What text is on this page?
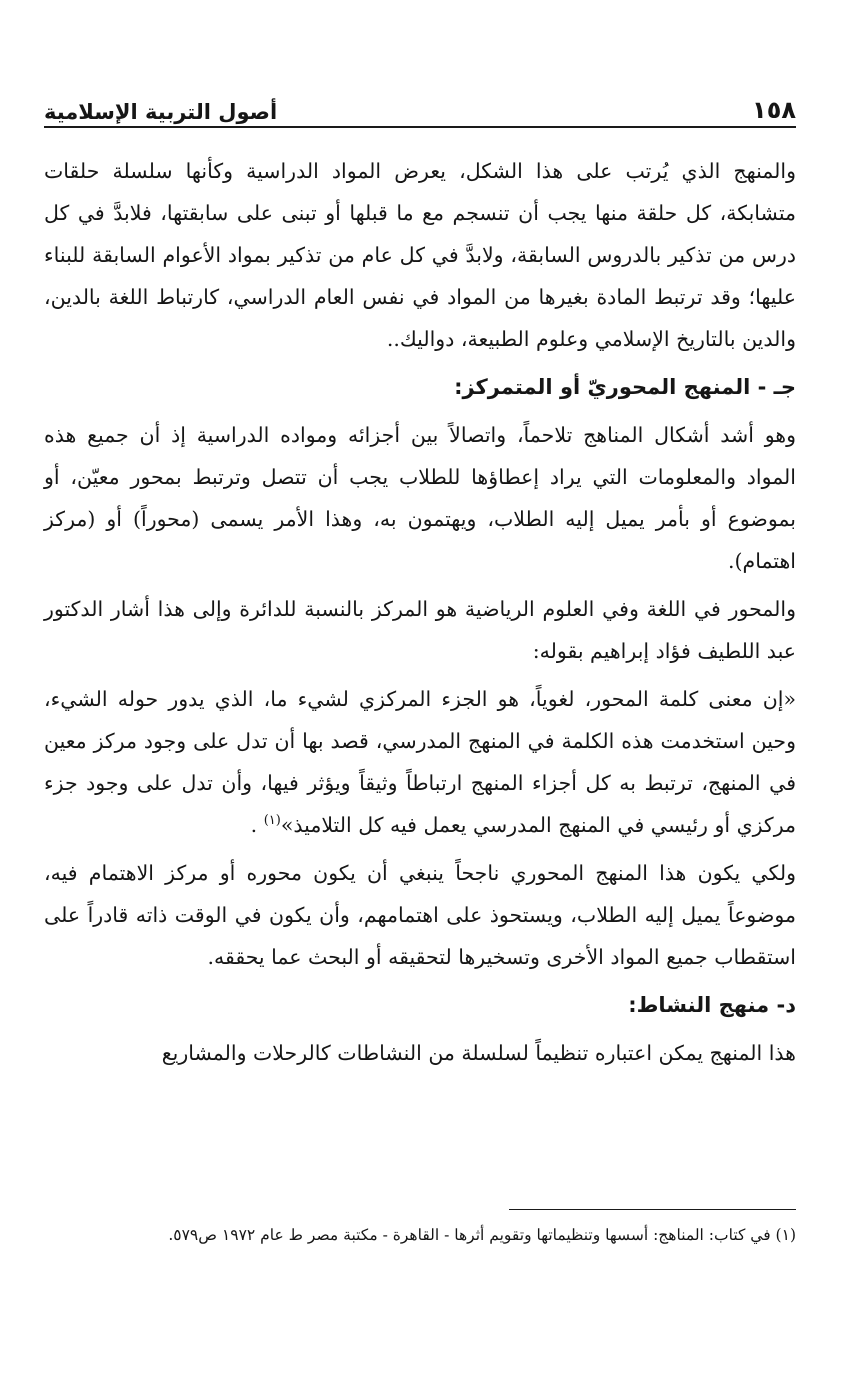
١٥٨
أصول التربية الإسلامية

والمنهج الذي يُرتب على هذا الشكل، يعرض المواد الدراسية وكأنها سلسلة حلقات متشابكة، كل حلقة منها يجب أن تنسجم مع ما قبلها أو تبنى على سابقتها، فلابدَّ في كل درس من تذكير بالدروس السابقة، ولابدَّ في كل عام من تذكير بمواد الأعوام السابقة للبناء عليها؛ وقد ترتبط المادة بغيرها من المواد في نفس العام الدراسي، كارتباط اللغة بالدين، والدين بالتاريخ الإسلامي وعلوم الطبيعة، دواليك..

جـ - المنهج المحوريّ أو المتمركز:

وهو أشد أشكال المناهج تلاحماً، واتصالاً بين أجزائه ومواده الدراسية إذ أن جميع هذه المواد والمعلومات التي يراد إعطاؤها للطلاب يجب أن تتصل وترتبط بمحور معيّن، أو بموضوع أو بأمر يميل إليه الطلاب، ويهتمون به، وهذا الأمر يسمى (محوراً) أو (مركز اهتمام).

والمحور في اللغة وفي العلوم الرياضية هو المركز بالنسبة للدائرة وإلى هذا أشار الدكتور عبد اللطيف فؤاد إبراهيم بقوله:

«إن معنى كلمة المحور، لغوياً، هو الجزء المركزي لشيء ما، الذي يدور حوله الشيء، وحين استخدمت هذه الكلمة في المنهج المدرسي، قصد بها أن تدل على وجود مركز معين في المنهج، ترتبط به كل أجزاء المنهج ارتباطاً وثيقاً ويؤثر فيها، وأن تدل على وجود جزء مركزي أو رئيسي في المنهج المدرسي يعمل فيه كل التلاميذ»$^{(١)}$ .

ولكي يكون هذا المنهج المحوري ناجحاً ينبغي أن يكون محوره أو مركز الاهتمام فيه، موضوعاً يميل إليه الطلاب، ويستحوذ على اهتمامهم، وأن يكون في الوقت ذاته قادراً على استقطاب جميع المواد الأخرى وتسخيرها لتحقيقه أو البحث عما يحققه.

د- منهج النشاط:

هذا المنهج يمكن اعتباره تنظيماً لسلسلة من النشاطات كالرحلات والمشاريع

(١) في كتاب: المناهج: أسسها وتنظيماتها وتقويم أثرها - القاهرة - مكتبة مصر ط عام ١٩٧٢ ص٥٧٩.
